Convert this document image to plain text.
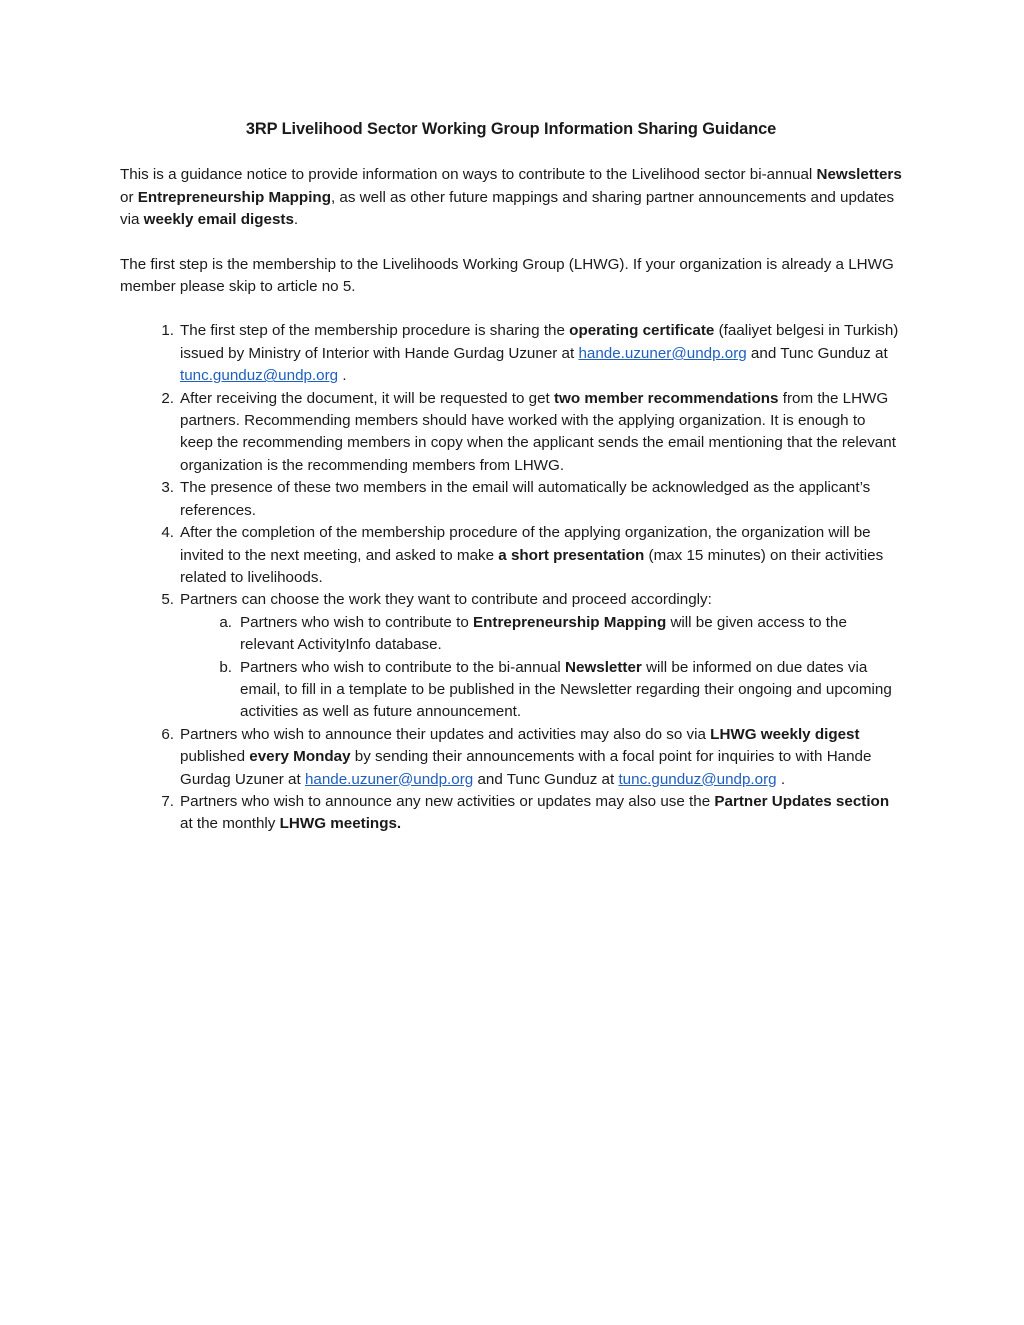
3RP Livelihood Sector Working Group Information Sharing Guidance

This is a guidance notice to provide information on ways to contribute to the Livelihood sector bi-annual Newsletters or Entrepreneurship Mapping, as well as other future mappings and sharing partner announcements and updates via weekly email digests.

The first step is the membership to the Livelihoods Working Group (LHWG). If your organization is already a LHWG member please skip to article no 5.

1. The first step of the membership procedure is sharing the operating certificate (faaliyet belgesi in Turkish) issued by Ministry of Interior with Hande Gurdag Uzuner at hande.uzuner@undp.org and Tunc Gunduz at tunc.gunduz@undp.org .
2. After receiving the document, it will be requested to get two member recommendations from the LHWG partners. Recommending members should have worked with the applying organization. It is enough to keep the recommending members in copy when the applicant sends the email mentioning that the relevant organization is the recommending members from LHWG.
3. The presence of these two members in the email will automatically be acknowledged as the applicant’s references.
4. After the completion of the membership procedure of the applying organization, the organization will be invited to the next meeting, and asked to make a short presentation (max 15 minutes) on their activities related to livelihoods.
5. Partners can choose the work they want to contribute and proceed accordingly:
a. Partners who wish to contribute to Entrepreneurship Mapping will be given access to the relevant ActivityInfo database.
b. Partners who wish to contribute to the bi-annual Newsletter will be informed on due dates via email, to fill in a template to be published in the Newsletter regarding their ongoing and upcoming activities as well as future announcement.
6. Partners who wish to announce their updates and activities may also do so via LHWG weekly digest published every Monday by sending their announcements with a focal point for inquiries to with Hande Gurdag Uzuner at hande.uzuner@undp.org and Tunc Gunduz at tunc.gunduz@undp.org .
7. Partners who wish to announce any new activities or updates may also use the Partner Updates section at the monthly LHWG meetings.
